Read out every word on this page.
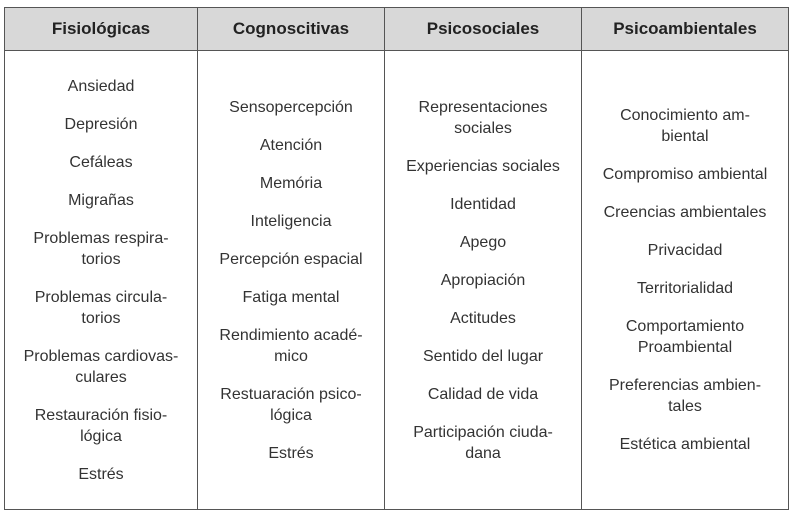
Fisiológicas
Ansiedad
Depresión
Cefáleas
Migrañas
Problemas respira-
torios
Problemas circula-
torios
Problemas cardiovas-
culares
Restauración fisio-
lógica
Estrés
Cognoscitivas
Sensopercepción
Atención
Memória
Inteligencia
Percepción espacial
Fatiga mental
Rendimiento acadé-
mico
Restuaración psico-
lógica
Estrés
Psicosociales
Representaciones
sociales
Experiencias sociales
Identidad
Apego
Apropiación
Actitudes
Sentido del lugar
Calidad de vida
Participación ciuda-
dana
Psicoambientales
Conocimiento am-
biental
Compromiso ambiental
Creencias ambientales
Privacidad
Territorialidad
Comportamiento
Proambiental
Preferencias ambien-
tales
Estética ambiental
